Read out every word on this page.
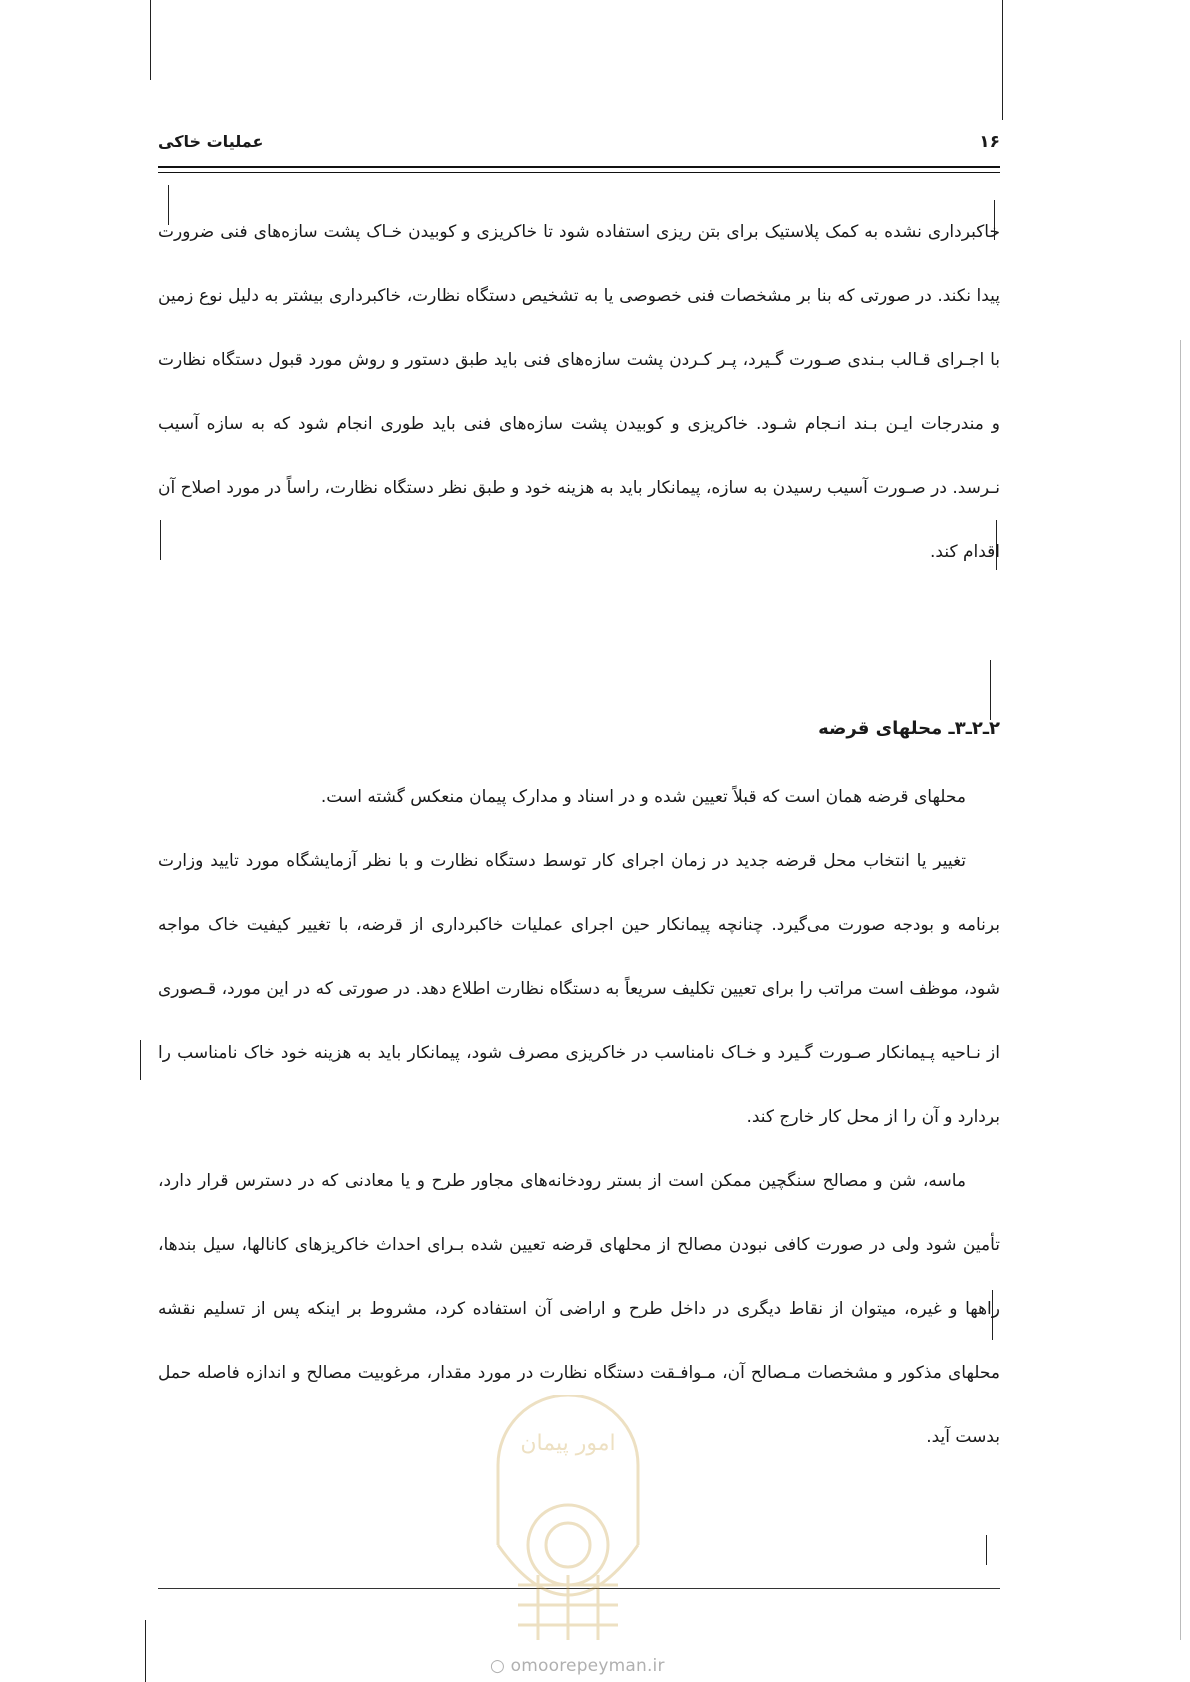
۱۶
عملیات خاکی

خاکبرداری نشده به کمک پلاستیک برای بتن ریزی استفاده شود تا خاکریزی و کوبیدن خـاک پشت سازه‌های فنی ضرورت پیدا نکند. در صورتی که بنا بر مشخصات فنی خصوصی یا به تشخیص دستگاه نظارت، خاکبرداری بیشتر به دلیل نوع زمین با اجـرای قـالب بـندی صـورت گـیرد، پـر کـردن پشت سازه‌های فنی باید طبق دستور و روش مورد قبول دستگاه نظارت و مندرجات ایـن بـند انـجام شـود. خاکریزی و کوبیدن پشت سازه‌های فنی باید طوری انجام شود که به سازه آسیب نـرسد. در صـورت آسیب رسیدن به سازه، پیمانکار باید به هزینه خود و طبق نظر دستگاه نظارت، راساً در مورد اصلاح آن اقدام کند.

۲ـ۲ـ۳ـ محلهای قرضه

محلهای قرضه همان است که قبلاً تعیین شده و در اسناد و مدارک پیمان منعکس گشته است.

تغییر یا انتخاب محل قرضه جدید در زمان اجرای کار توسط دستگاه نظارت و با نظر آزمایشگاه مورد تایید وزارت برنامه و بودجه صورت می‌گیرد. چنانچه پیمانکار حین اجرای عملیات خاکبرداری از قرضه، با تغییر کیفیت خاک مواجه شود، موظف است مراتب را برای تعیین تکلیف سریعاً به دستگاه نظارت اطلاع دهد. در صورتی که در این مورد، قـصوری از نـاحیه پـیمانکار صـورت گـیرد و خـاک نامناسب در خاکریزی مصرف شود، پیمانکار باید به هزینه خود خاک نامناسب را بردارد و آن را از محل کار خارج کند.

ماسه، شن و مصالح سنگچین ممکن است از بستر رودخانه‌های مجاور طرح و یا معادنی که در دسترس قرار دارد، تأمین شود ولی در صورت کافی نبودن مصالح از محلهای قرضه تعیین شده بـرای احداث خاکریزهای کانالها، سیل بندها، راهها و غیره، میتوان از نقاط دیگری در داخل طرح و اراضی آن استفاده کرد، مشروط بر اینکه پس از تسلیم نقشه محلهای مذکور و مشخصات مـصالح آن، مـوافـقت دستگاه نظارت در مورد مقدار، مرغوبیت مصالح و اندازه فاصله حمل بدست آید.

امور پیمان
○ omoorepeyman.ir
